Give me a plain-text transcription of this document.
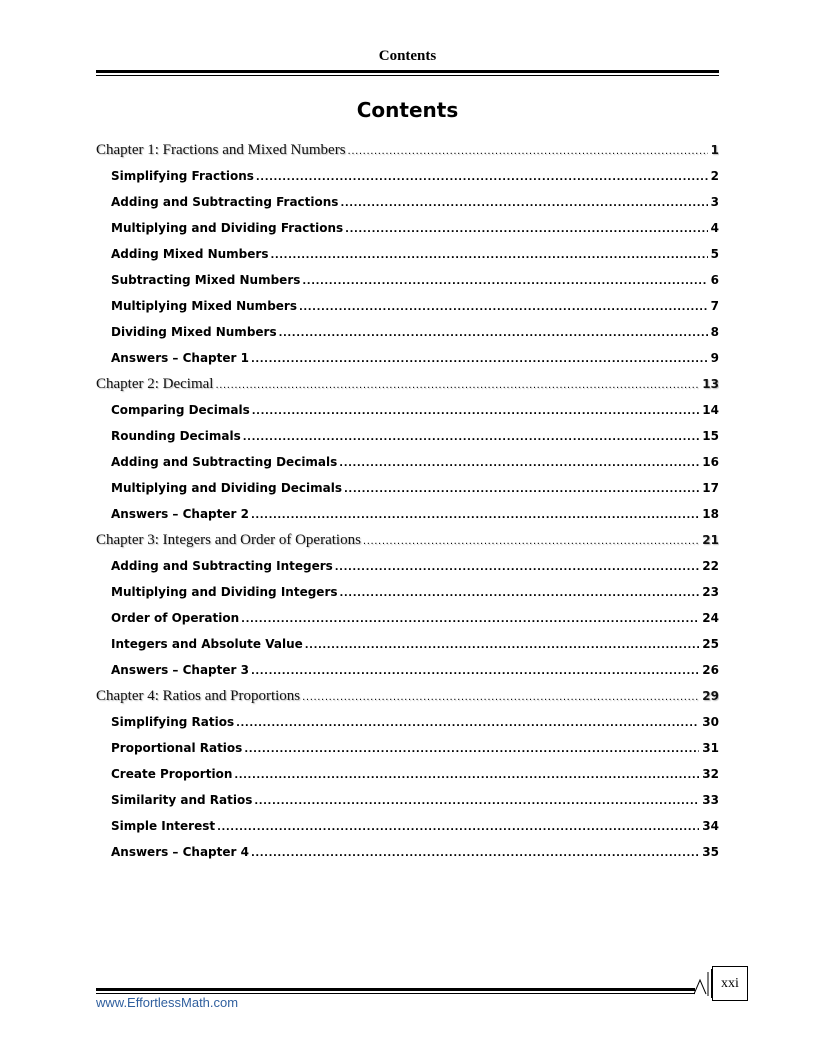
Contents
Contents
Chapter 1: Fractions and Mixed Numbers .....	1
Simplifying Fractions .....	2
Adding and Subtracting Fractions .....	3
Multiplying and Dividing Fractions .....	4
Adding Mixed Numbers .....	5
Subtracting Mixed Numbers .....	6
Multiplying Mixed Numbers .....	7
Dividing Mixed Numbers .....	8
Answers – Chapter 1 .....	9
Chapter 2: Decimal .....	13
Comparing Decimals .....	14
Rounding Decimals .....	15
Adding and Subtracting Decimals .....	16
Multiplying and Dividing Decimals .....	17
Answers – Chapter 2 .....	18
Chapter 3: Integers and Order of Operations .....	21
Adding and Subtracting Integers .....	22
Multiplying and Dividing Integers .....	23
Order of Operation .....	24
Integers and Absolute Value .....	25
Answers – Chapter 3 .....	26
Chapter 4: Ratios and Proportions .....	29
Simplifying Ratios .....	30
Proportional Ratios .....	31
Create Proportion .....	32
Similarity and Ratios .....	33
Simple Interest .....	34
Answers – Chapter 4 .....	35
xxi
www.EffortlessMath.com
